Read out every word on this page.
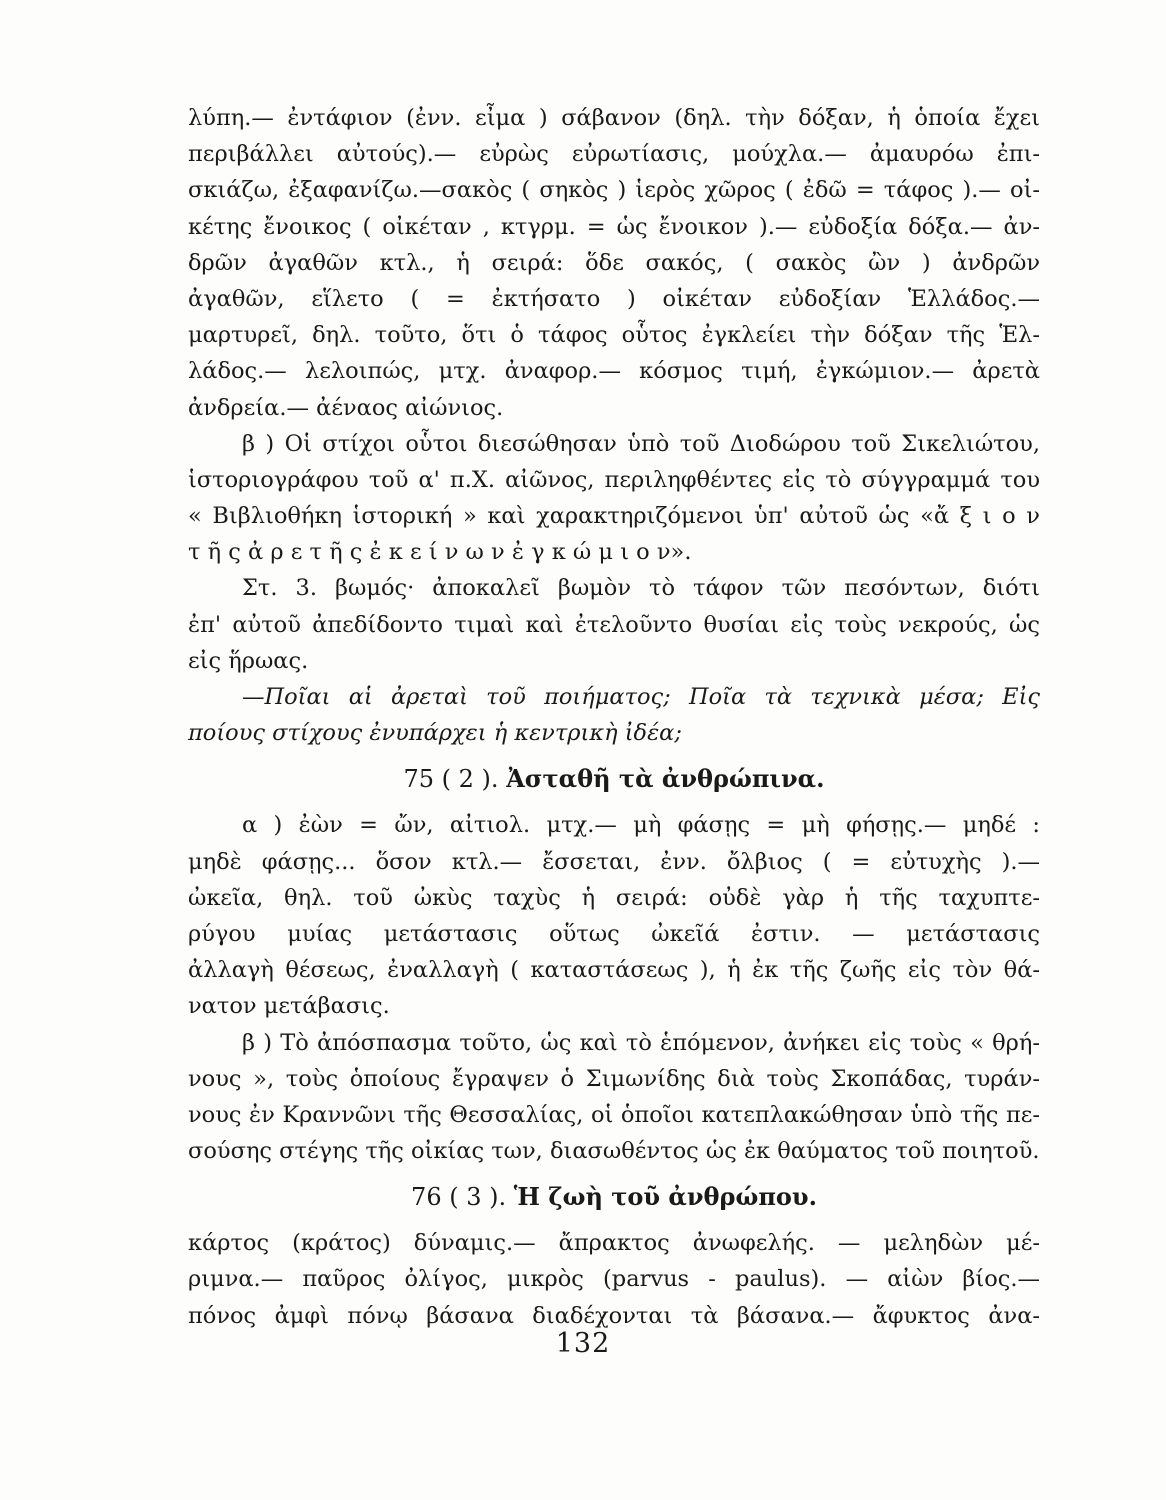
λύπη.— ἐντάφιον (ἐνν. εἶμα ) σάβανον (δηλ. τὴν δόξαν, ἡ ὁποία ἔχει
περιβάλλει αὐτούς).— εὐρὼς εὐρωτίασις, μούχλα.— ἀμαυρόω ἐπι-
σκιάζω, ἐξαφανίζω.—σακὸς ( σηκὸς ) ἱερὸς χῶρος ( ἐδῶ = τάφος ).— οἰ-
κέτης ἔνοικος ( οἰκέταν , κτγρμ. = ὡς ἔνοικον ).— εὐδοξία δόξα.— ἀν-
δρῶν ἀγαθῶν κτλ., ἡ σειρά: ὅδε σακός, ( σακὸς ὢν ) ἀνδρῶν
ἀγαθῶν, εἵλετο ( = ἐκτήσατο ) οἰκέταν εὐδοξίαν Ἑλλάδος.—
μαρτυρεῖ, δηλ. τοῦτο, ὅτι ὁ τάφος οὗτος ἐγκλείει τὴν δόξαν τῆς Ἑλ-
λάδος.— λελοιπώς, μτχ. ἀναφορ.— κόσμος τιμή, ἐγκώμιον.— ἀρετὰ
ἀνδρεία.— ἀέναος αἰώνιος.
β ) Οἱ στίχοι οὗτοι διεσώθησαν ὑπὸ τοῦ Διοδώρου τοῦ Σικελιώτου,
ἱστοριογράφου τοῦ α' π.Χ. αἰῶνος, περιληφθέντες εἰς τὸ σύγγραμμά του
« Βιβλιοθήκη ἱστορική » καὶ χαρακτηριζόμενοι ὑπ' αὐτοῦ ὡς «ἄ ξ ι ο ν
τ ῆ ς ἀ ρ ε τ ῆ ς ἐ κ ε ί ν ω ν ἐ γ κ ώ μ ι ο ν».
Στ. 3. βωμός· ἀποκαλεῖ βωμὸν τὸ τάφον τῶν πεσόντων, διότι
ἐπ' αὐτοῦ ἀπεδίδοντο τιμαὶ καὶ ἐτελοῦντο θυσίαι εἰς τοὺς νεκρούς, ὡς
εἰς ἥρωας.
—Ποῖαι αἱ ἀρεταὶ τοῦ ποιήματος; Ποῖα τὰ τεχνικὰ μέσα; Εἰς
ποίους στίχους ἐνυπάρχει ἡ κεντρικὴ ἰδέα;
75 ( 2 ). Ἀσταθῆ τὰ ἀνθρώπινα.
α ) ἐὼν = ὤν, αἰτιολ. μτχ.— μὴ φάσῃς = μὴ φήσῃς.— μηδέ :
μηδὲ φάσῃς... ὅσον κτλ.— ἔσσεται, ἐνν. ὄλβιος ( = εὐτυχὴς ).—
ὠκεῖα, θηλ. τοῦ ὠκὺς ταχὺς ἡ σειρά: οὐδὲ γὰρ ἡ τῆς ταχυπτε-
ρύγου μυίας μετάστασις οὕτως ὠκεῖά ἐστιν. — μετάστασις
ἀλλαγὴ θέσεως, ἐναλλαγὴ ( καταστάσεως ), ἡ ἐκ τῆς ζωῆς εἰς τὸν θά-
νατον μετάβασις.
β ) Τὸ ἀπόσπασμα τοῦτο, ὡς καὶ τὸ ἑπόμενον, ἀνήκει εἰς τοὺς « θρή-
νους », τοὺς ὁποίους ἔγραψεν ὁ Σιμωνίδης διὰ τοὺς Σκοπάδας, τυράν-
νους ἐν Κραννῶνι τῆς Θεσσαλίας, οἱ ὁποῖοι κατεπλακώθησαν ὑπὸ τῆς πε-
σούσης στέγης τῆς οἰκίας των, διασωθέντος ὡς ἐκ θαύματος τοῦ ποιητοῦ.
76 ( 3 ). Ἡ ζωὴ τοῦ ἀνθρώπου.
κάρτος (κράτος) δύναμις.— ἄπρακτος ἀνωφελής. — μεληδὼν μέ-
ριμνα.— παῦρος ὀλίγος, μικρὸς (parvus - paulus). — αἰὼν βίος.—
πόνος ἀμφὶ πόνῳ βάσανα διαδέχονται τὰ βάσανα.— ἄφυκτος ἀνα-
132
